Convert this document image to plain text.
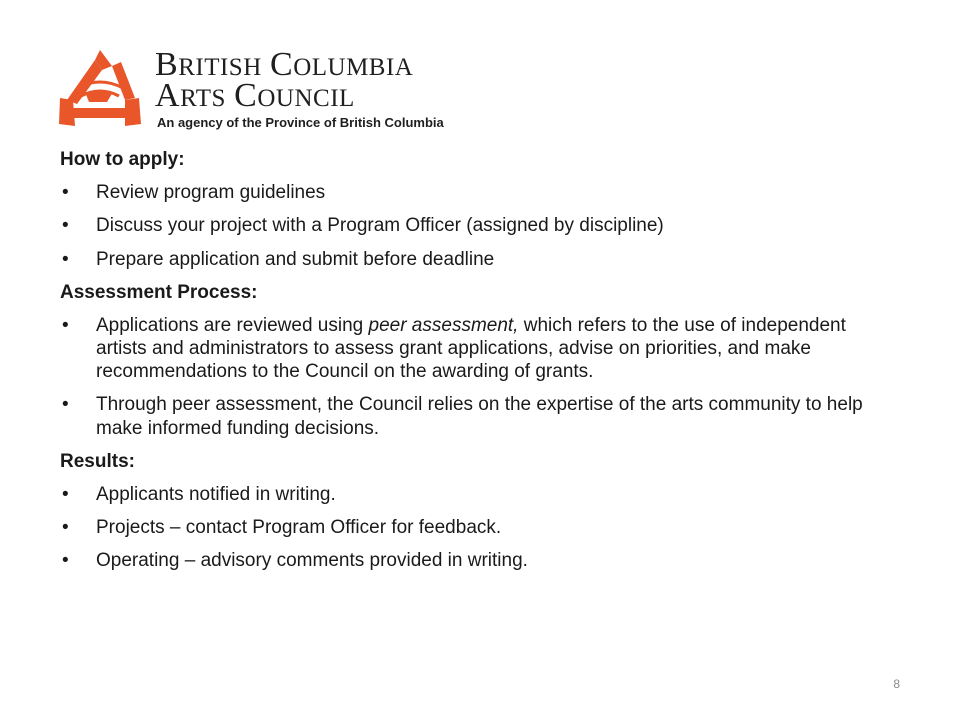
BRITISH COLUMBIA
ARTS COUNCIL
An agency of the Province of British Columbia
How to apply:
• Review program guidelines
• Discuss your project with a Program Officer (assigned by discipline)
• Prepare application and submit before deadline
Assessment Process:
• Applications are reviewed using peer assessment, which refers to the use of independent artists and administrators to assess grant applications, advise on priorities, and make recommendations to the Council on the awarding of grants.
• Through peer assessment, the Council relies on the expertise of the arts community to help make informed funding decisions.
Results:
• Applicants notified in writing.
• Projects – contact Program Officer for feedback.
• Operating – advisory comments provided in writing.
8
